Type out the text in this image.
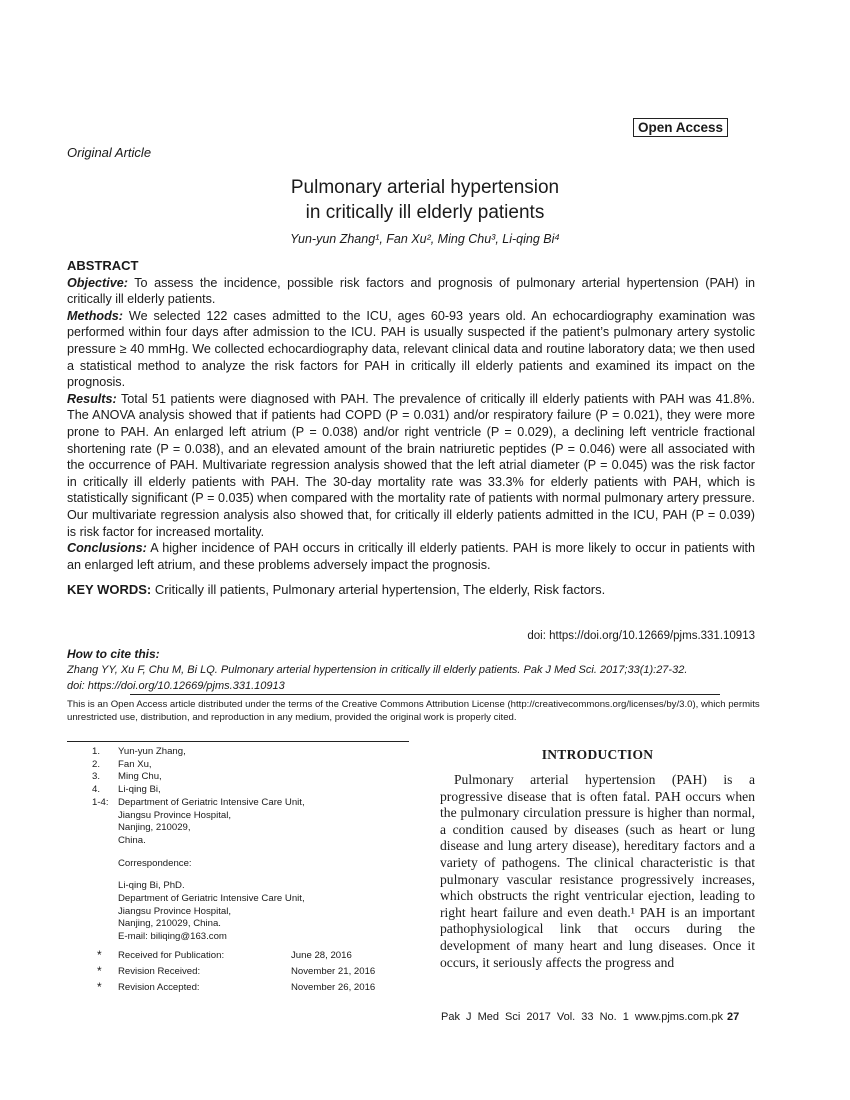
Open Access
Original Article
Pulmonary arterial hypertension
in critically ill elderly patients
Yun-yun Zhang¹, Fan Xu², Ming Chu³, Li-qing Bi⁴
ABSTRACT

Objective: To assess the incidence, possible risk factors and prognosis of pulmonary arterial hypertension (PAH) in critically ill elderly patients.

Methods: We selected 122 cases admitted to the ICU, ages 60-93 years old. An echocardiography examination was performed within four days after admission to the ICU. PAH is usually suspected if the patient’s pulmonary artery systolic pressure ≥ 40 mmHg. We collected echocardiography data, relevant clinical data and routine laboratory data; we then used a statistical method to analyze the risk factors for PAH in critically ill elderly patients and examined its impact on the prognosis.

Results: Total 51 patients were diagnosed with PAH. The prevalence of critically ill elderly patients with PAH was 41.8%. The ANOVA analysis showed that if patients had COPD (P = 0.031) and/or respiratory failure (P = 0.021), they were more prone to PAH. An enlarged left atrium (P = 0.038) and/or right ventricle (P = 0.029), a declining left ventricle fractional shortening rate (P = 0.038), and an elevated amount of the brain natriuretic peptides (P = 0.046) were all associated with the occurrence of PAH. Multivariate regression analysis showed that the left atrial diameter (P = 0.045) was the risk factor in critically ill elderly patients with PAH. The 30-day mortality rate was 33.3% for elderly patients with PAH, which is statistically significant (P = 0.035) when compared with the mortality rate of patients with normal pulmonary artery pressure. Our multivariate regression analysis also showed that, for critically ill elderly patients admitted in the ICU, PAH (P = 0.039) is risk factor for increased mortality.

Conclusions: A higher incidence of PAH occurs in critically ill elderly patients. PAH is more likely to occur in patients with an enlarged left atrium, and these problems adversely impact the prognosis.

KEY WORDS: Critically ill patients, Pulmonary arterial hypertension, The elderly, Risk factors.

doi: https://doi.org/10.12669/pjms.331.10913
How to cite this:
Zhang YY, Xu F, Chu M, Bi LQ. Pulmonary arterial hypertension in critically ill elderly patients. Pak J Med Sci. 2017;33(1):27-32.
doi: https://doi.org/10.12669/pjms.331.10913
This is an Open Access article distributed under the terms of the Creative Commons Attribution License (http://creativecommons.org/licenses/by/3.0), which permits unrestricted use, distribution, and reproduction in any medium, provided the original work is properly cited.
1.	Yun-yun Zhang,
2.	Fan Xu,
3.	Ming Chu,
4.	Li-qing Bi,
1-4: Department of Geriatric Intensive Care Unit,
Jiangsu Province Hospital,
Nanjing, 210029,
China.
Correspondence:
Li-qing Bi, PhD.
Department of Geriatric Intensive Care Unit,
Jiangsu Province Hospital,
Nanjing, 210029, China.
E-mail: biliqing@163.com
*	Received for Publication:	June 28, 2016
*	Revision Received:	November 21, 2016
*	Revision Accepted:	November 26, 2016
INTRODUCTION
Pulmonary arterial hypertension (PAH) is a progressive disease that is often fatal. PAH occurs when the pulmonary circulation pressure is higher than normal, a condition caused by diseases (such as heart or lung disease and lung artery disease), hereditary factors and a variety of pathogens. The clinical characteristic is that pulmonary vascular resistance progressively increases, which obstructs the right ventricular ejection, leading to right heart failure and even death.¹ PAH is an important pathophysiological link that occurs during the development of many heart and lung diseases. Once it occurs, it seriously affects the progress and
Pak J Med Sci 2017 Vol. 33 No. 1 www.pjms.com.pk 27
